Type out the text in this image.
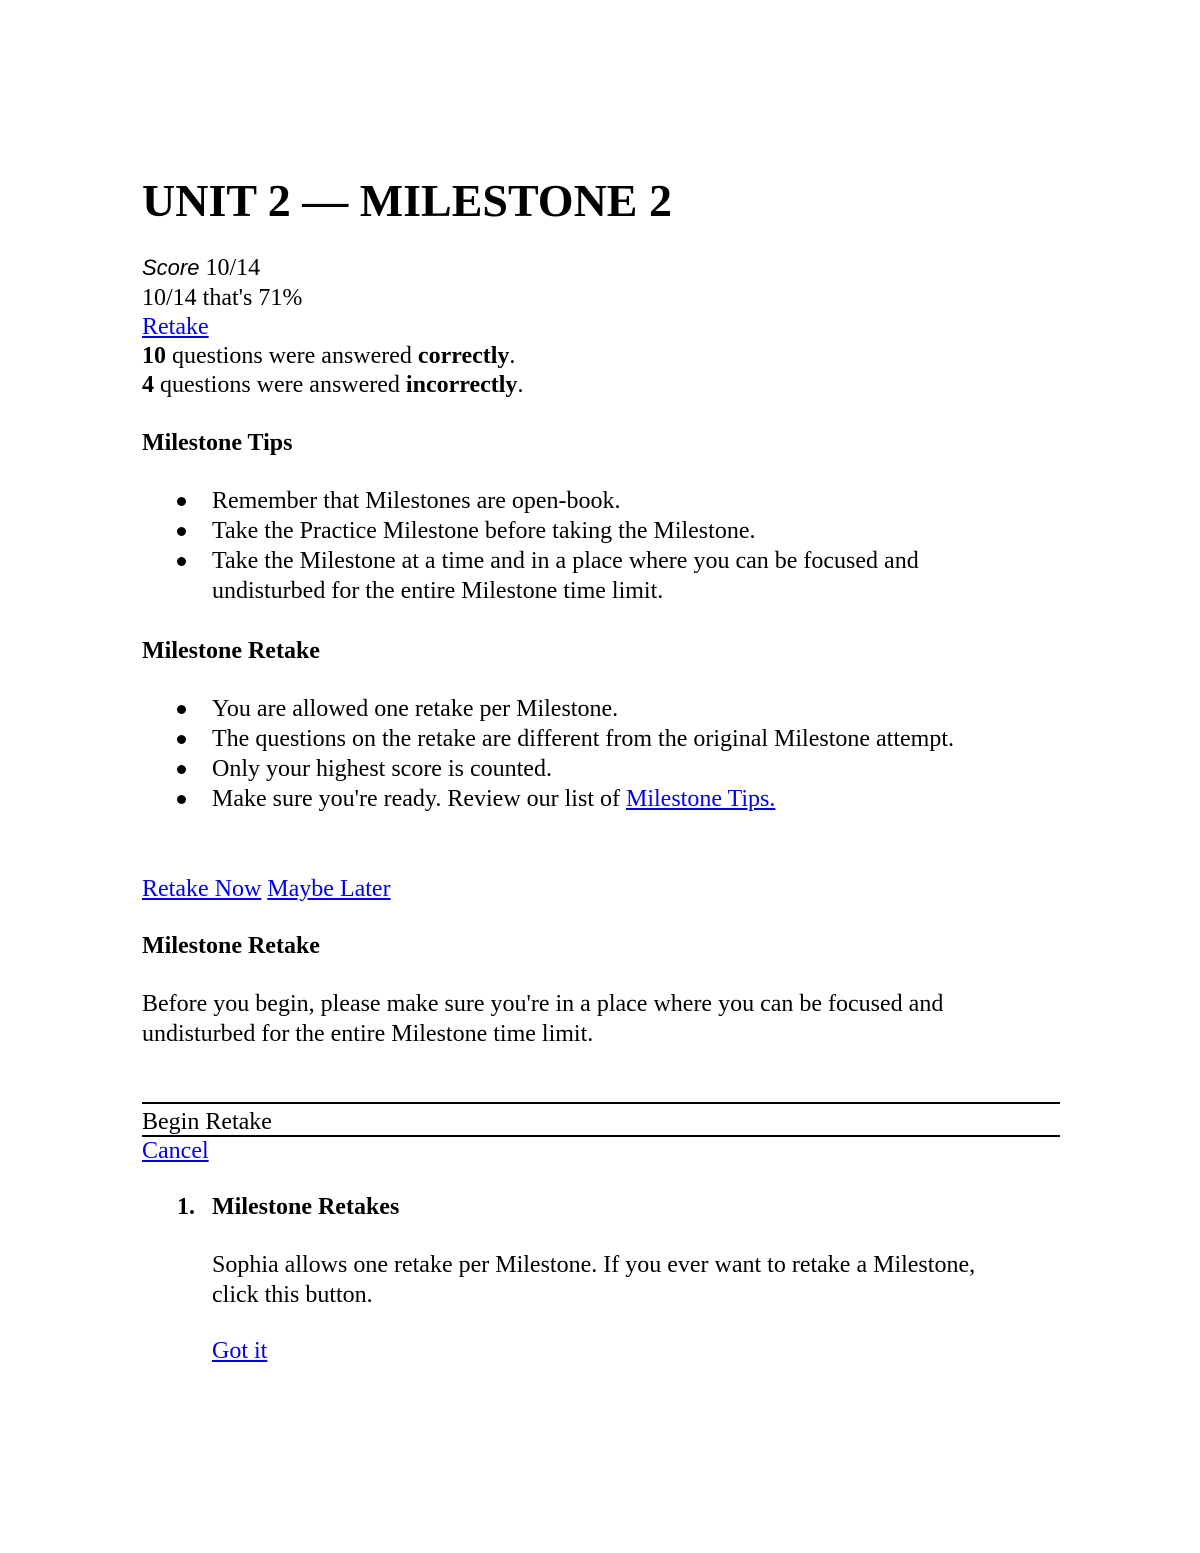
UNIT 2 — MILESTONE 2
Score 10/14
10/14 that's 71%
Retake
10 questions were answered correctly.
4 questions were answered incorrectly.
Milestone Tips
Remember that Milestones are open-book.
Take the Practice Milestone before taking the Milestone.
Take the Milestone at a time and in a place where you can be focused and
undisturbed for the entire Milestone time limit.
Milestone Retake
You are allowed one retake per Milestone.
The questions on the retake are different from the original Milestone attempt.
Only your highest score is counted.
Make sure you're ready. Review our list of Milestone Tips.
Retake Now Maybe Later
Milestone Retake
Before you begin, please make sure you're in a place where you can be focused and
undisturbed for the entire Milestone time limit.
Begin Retake
Cancel
1. Milestone Retakes

Sophia allows one retake per Milestone. If you ever want to retake a Milestone,
click this button.

Got it
